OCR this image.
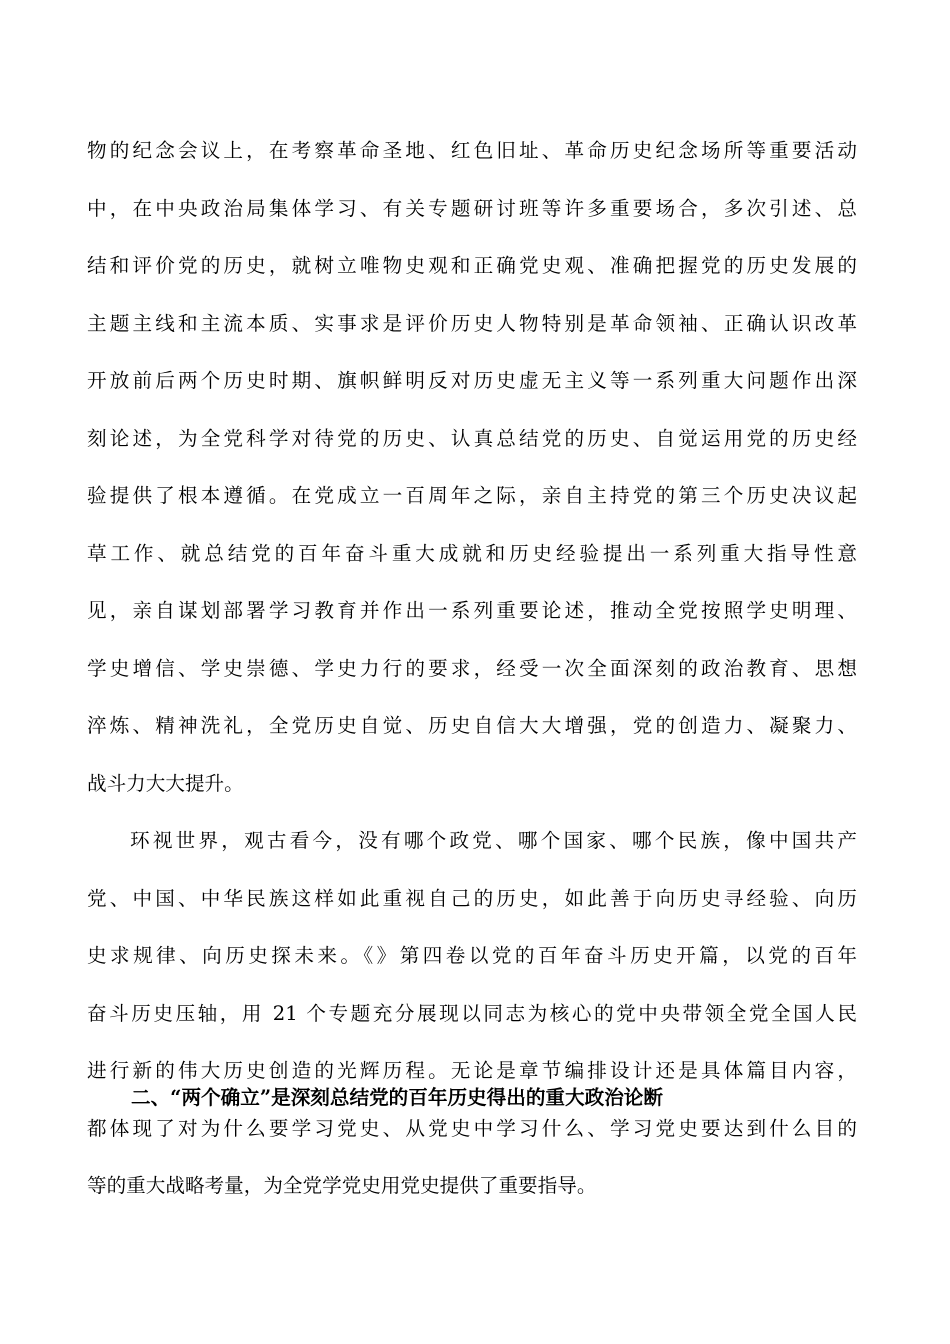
物的纪念会议上，在考察革命圣地、红色旧址、革命历史纪念场所等重要活动
中，在中央政治局集体学习、有关专题研讨班等许多重要场合，多次引述、总
结和评价党的历史，就树立唯物史观和正确党史观、准确把握党的历史发展的
主题主线和主流本质、实事求是评价历史人物特别是革命领袖、正确认识改革
开放前后两个历史时期、旗帜鲜明反对历史虚无主义等一系列重大问题作出深
刻论述，为全党科学对待党的历史、认真总结党的历史、自觉运用党的历史经
验提供了根本遵循。在党成立一百周年之际，亲自主持党的第三个历史决议起
草工作、就总结党的百年奋斗重大成就和历史经验提出一系列重大指导性意
见，亲自谋划部署学习教育并作出一系列重要论述，推动全党按照学史明理、
学史增信、学史崇德、学史力行的要求，经受一次全面深刻的政治教育、思想
淬炼、精神洗礼，全党历史自觉、历史自信大大增强，党的创造力、凝聚力、
战斗力大大提升。
环视世界，观古看今，没有哪个政党、哪个国家、哪个民族，像中国共产
党、中国、中华民族这样如此重视自己的历史，如此善于向历史寻经验、向历
史求规律、向历史探未来。《》第四卷以党的百年奋斗历史开篇，以党的百年
奋斗历史压轴，用 21 个专题充分展现以同志为核心的党中央带领全党全国人民
进行新的伟大历史创造的光辉历程。无论是章节编排设计还是具体篇目内容，
都体现了对为什么要学习党史、从党史中学习什么、学习党史要达到什么目的
等的重大战略考量，为全党学党史用党史提供了重要指导。
二、“两个确立”是深刻总结党的百年历史得出的重大政治论断
